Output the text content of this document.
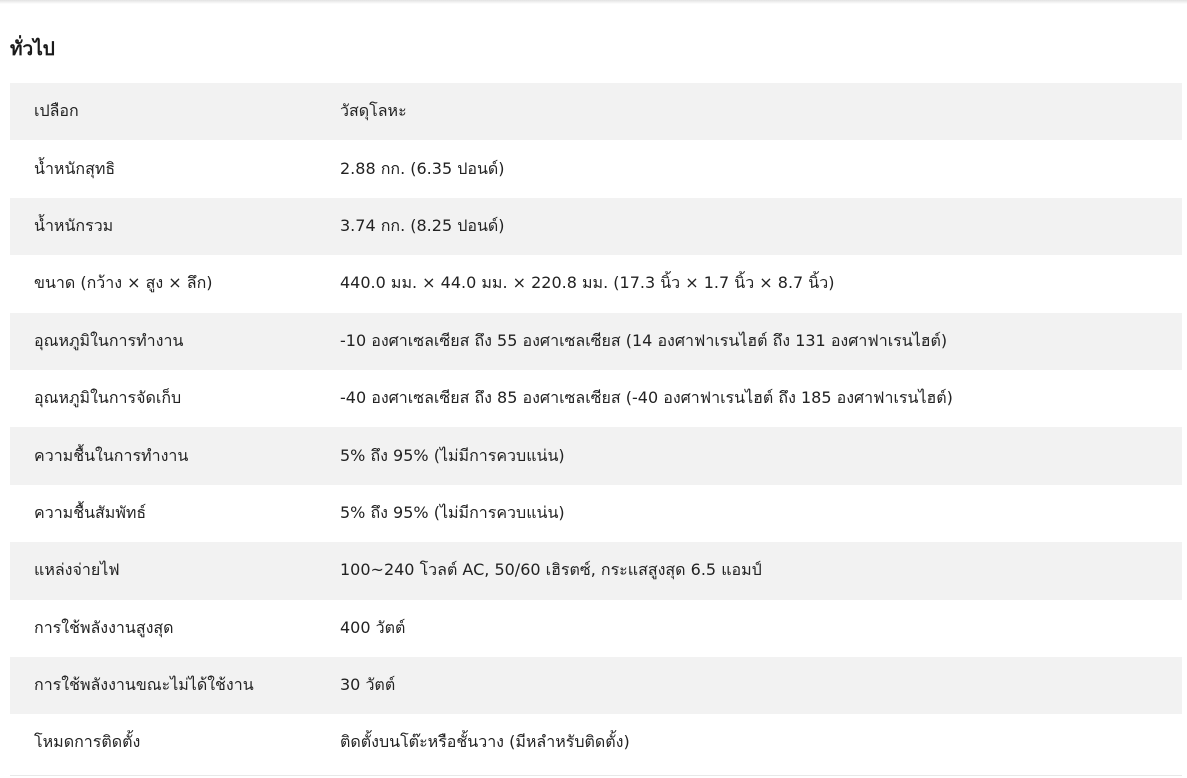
ทั่วไป
เปลือก	วัสดุโลหะ
น้ำหนักสุทธิ	2.88 กก. (6.35 ปอนด์)
น้ำหนักรวม	3.74 กก. (8.25 ปอนด์)
ขนาด (กว้าง × สูง × ลึก)	440.0 มม. × 44.0 มม. × 220.8 มม. (17.3 นิ้ว × 1.7 นิ้ว × 8.7 นิ้ว)
อุณหภูมิในการทำงาน	-10 องศาเซลเซียส ถึง 55 องศาเซลเซียส (14 องศาฟาเรนไฮต์ ถึง 131 องศาฟาเรนไฮต์)
อุณหภูมิในการจัดเก็บ	-40 องศาเซลเซียส ถึง 85 องศาเซลเซียส (-40 องศาฟาเรนไฮต์ ถึง 185 องศาฟาเรนไฮต์)
ความชื้นในการทำงาน	5% ถึง 95% (ไม่มีการควบแน่น)
ความชื้นสัมพัทธ์	5% ถึง 95% (ไม่มีการควบแน่น)
แหล่งจ่ายไฟ	100~240 โวลต์ AC, 50/60 เฮิรตซ์, กระแสสูงสุด 6.5 แอมป์
การใช้พลังงานสูงสุด	400 วัตต์
การใช้พลังงานขณะไม่ได้ใช้งาน	30 วัตต์
โหมดการติดตั้ง	ติดตั้งบนโต๊ะหรือชั้นวาง (มีหลำหรับติดตั้ง)
